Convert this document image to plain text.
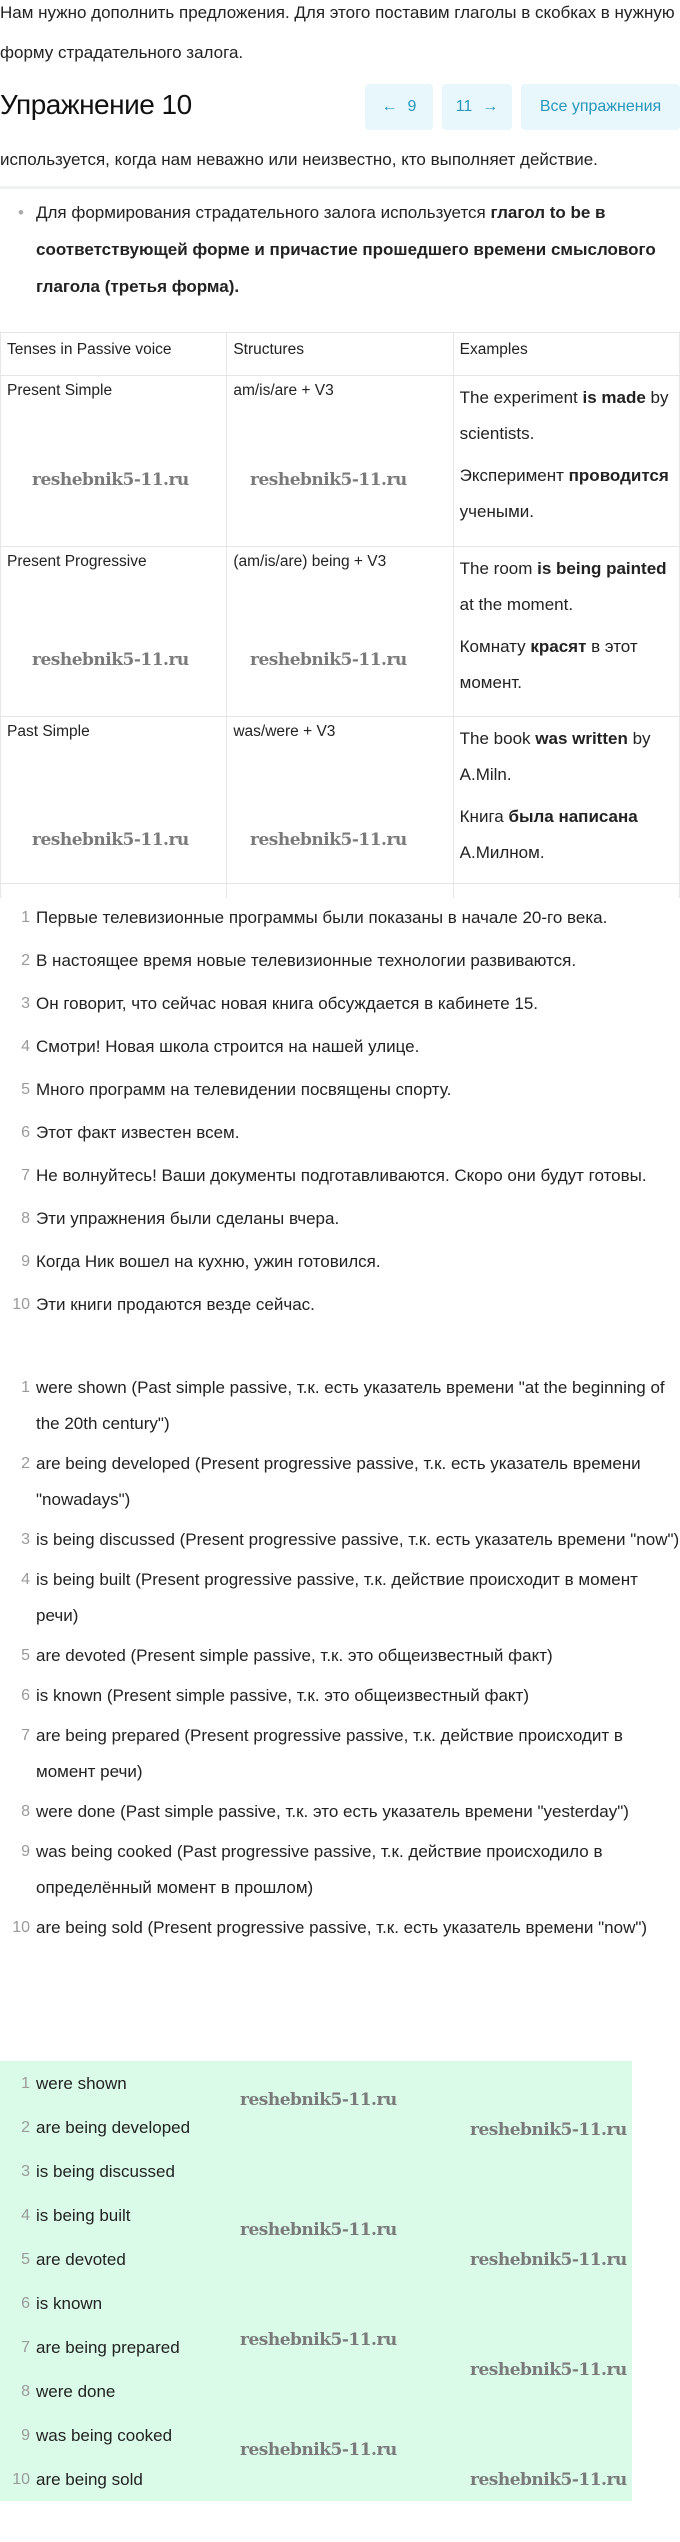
Нам нужно дополнить предложения. Для этого поставим глаголы в скобках в нужную форму страдательного залога.
Упражнение 10	← 9 11 →	Все упражнения
используется, когда нам неважно или неизвестно, кто выполняет действие.
• Для формирования страдательного залога используется глагол to be в соответствующей форме и причастие прошедшего времени смыслового глагола (третья форма).
Tenses in Passive voice	Structures	Examples
Present Simple	am/is/are + V3	The experiment is made by scientists.

Эксперимент проводится учеными.

Present Progressive	(am/is/are) being + V3	The room is being painted at the moment.

Комнату красят в этот момент.

Past Simple	was/were + V3	The book was written by A.Miln.

Книга была написана А.Милном.

1 Первые телевизионные программы были показаны в начале 20-го века.
2 В настоящее время новые телевизионные технологии развиваются.
3 Он говорит, что сейчас новая книга обсуждается в кабинете 15.
4 Смотри! Новая школа строится на нашей улице.
5 Много программ на телевидении посвящены спорту.
6 Этот факт известен всем.
7 Не волнуйтесь! Ваши документы подготавливаются. Скоро они будут готовы.
8 Эти упражнения были сделаны вчера.
9 Когда Ник вошел на кухню, ужин готовился.
10 Эти книги продаются везде сейчас.
1 were shown (Past simple passive, т.к. есть указатель времени "at the beginning of the 20th century")
2 are being developed (Present progressive passive, т.к. есть указатель времени "nowadays")
3 is being discussed (Present progressive passive, т.к. есть указатель времени "now")
4 is being built (Present progressive passive, т.к. действие происходит в момент речи)
5 are devoted (Present simple passive, т.к. это общеизвестный факт)
6 is known (Present simple passive, т.к. это общеизвестный факт)
7 are being prepared (Present progressive passive, т.к. действие происходит в момент речи)
8 were done (Past simple passive, т.к. это есть указатель времени "yesterday")
9 was being cooked (Past progressive passive, т.к. действие происходило в определённый момент в прошлом)
10 are being sold (Present progressive passive, т.к. есть указатель времени "now")
1 were shown
2 are being developed
3 is being discussed
4 is being built
5 are devoted
6 is known
7 are being prepared
8 were done
9 was being cooked
10 are being sold
reshebnik5-11.ru	reshebnik5-11.ru
reshebnik5-11.ru	reshebnik5-11.ru
reshebnik5-11.ru	reshebnik5-11.ru
reshebnik5-11.ru
reshebnik5-11.ru
reshebnik5-11.ru
reshebnik5-11.ru
reshebnik5-11.ru
reshebnik5-11.ru
reshebnik5-11.ru
reshebnik5-11.ru
